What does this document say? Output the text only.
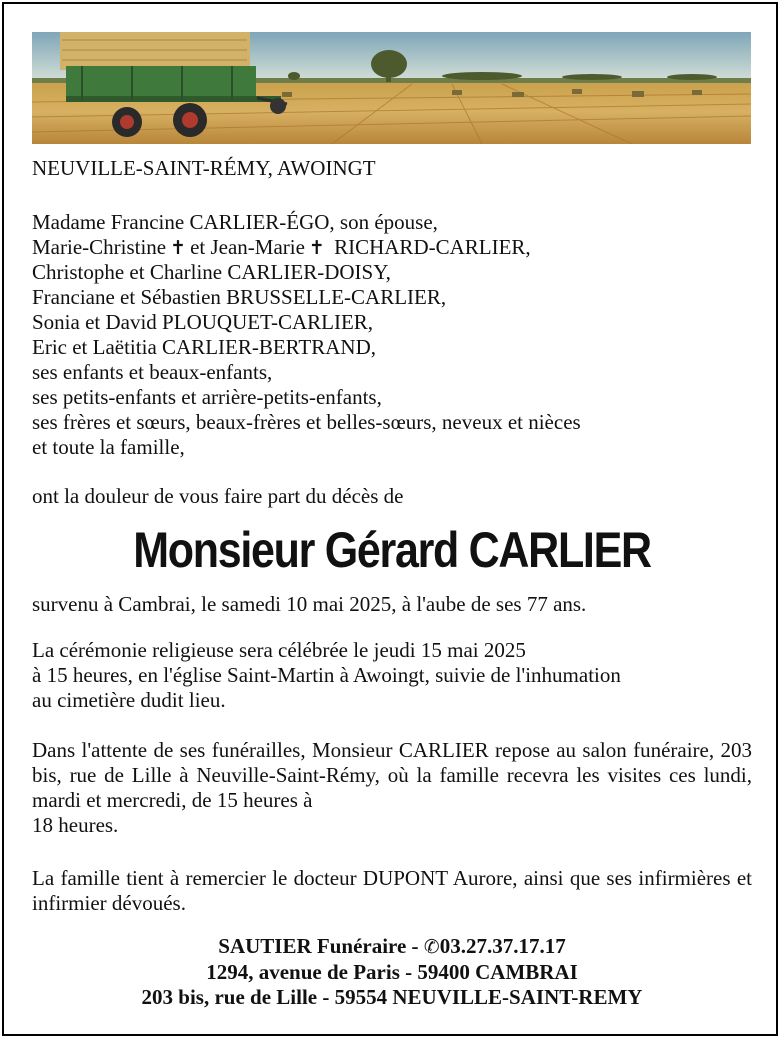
NEUVILLE-SAINT-RÉMY, AWOINGT
Madame Francine CARLIER-ÉGO, son épouse,
Marie-Christine ✝ et Jean-Marie ✝ RICHARD-CARLIER,
Christophe et Charline CARLIER-DOISY,
Franciane et Sébastien BRUSSELLE-CARLIER,
Sonia et David PLOUQUET-CARLIER,
Eric et Laëtitia CARLIER-BERTRAND,
ses enfants et beaux-enfants,
ses petits-enfants et arrière-petits-enfants,
ses frères et sœurs, beaux-frères et belles-sœurs, neveux et nièces
et toute la famille,
ont la douleur de vous faire part du décès de
Monsieur Gérard CARLIER
survenu à Cambrai, le samedi 10 mai 2025, à l'aube de ses 77 ans.
La cérémonie religieuse sera célébrée le jeudi 15 mai 2025
à 15 heures, en l'église Saint-Martin à Awoingt, suivie de l'inhumation
au cimetière dudit lieu.
Dans l'attente de ses funérailles, Monsieur CARLIER repose au salon funéraire, 203 bis, rue de Lille à Neuville-Saint-Rémy, où la famille recevra les visites ces lundi, mardi et mercredi, de 15 heures à
18 heures.
La famille tient à remercier le docteur DUPONT Aurore, ainsi que ses infirmières et infirmier dévoués.
SAUTIER Funéraire - ✆03.27.37.17.17
1294, avenue de Paris - 59400 CAMBRAI
203 bis, rue de Lille - 59554 NEUVILLE-SAINT-REMY
